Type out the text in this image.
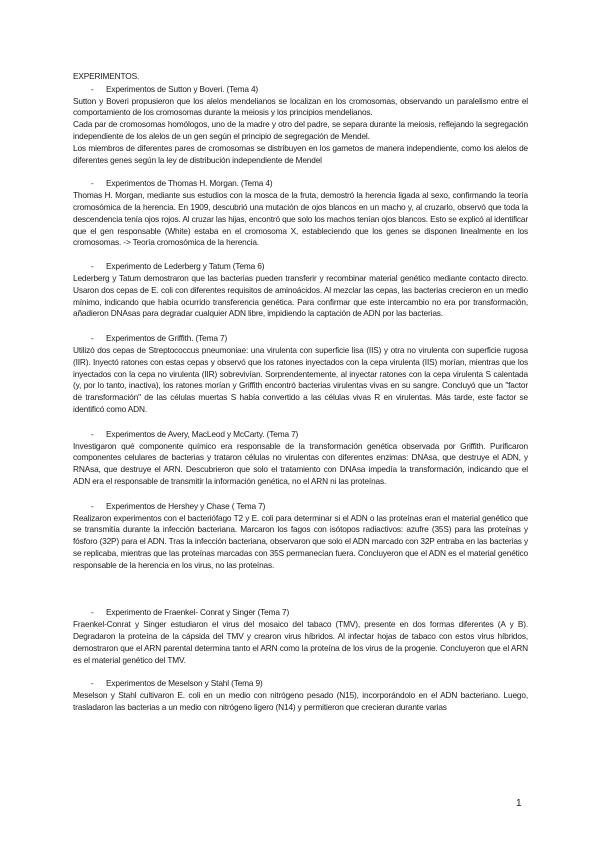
EXPERIMENTOS.

- Experimentos de Sutton y Boveri. (Tema 4)

Sutton y Boveri propusieron que los alelos mendelianos se localizan en los cromosomas, observando un paralelismo entre el comportamiento de los cromosomas durante la meiosis y los principios mendelianos.

Cada par de cromosomas homólogos, uno de la madre y otro del padre, se separa durante la meiosis, reflejando la segregación independiente de los alelos de un gen según el principio de segregación de Mendel.

Los miembros de diferentes pares de cromosomas se distribuyen en los gametos de manera independiente, como los alelos de diferentes genes según la ley de distribución independiente de Mendel

- Experimentos de Thomas H. Morgan. (Tema 4)

Thomas H. Morgan, mediante sus estudios con la mosca de la fruta, demostró la herencia ligada al sexo, confirmando la teoría cromosómica de la herencia. En 1909, descubrió una mutación de ojos blancos en un macho y, al cruzarlo, observó que toda la descendencia tenía ojos rojos. Al cruzar las hijas, encontró que solo los machos tenían ojos blancos. Esto se explicó al identificar que el gen responsable (White) estaba en el cromosoma X, estableciendo que los genes se disponen linealmente en los cromosomas. -> Teoría cromosómica de la herencia.

- Experimento de Lederberg y Tatum (Tema 6)

Lederberg y Tatum demostraron que las bacterias pueden transferir y recombinar material genético mediante contacto directo. Usaron dos cepas de E. coli con diferentes requisitos de aminoácidos. Al mezclar las cepas, las bacterias crecieron en un medio mínimo, indicando que había ocurrido transferencia genética. Para confirmar que este intercambio no era por transformación, añadieron DNAsas para degradar cualquier ADN libre, impidiendo la captación de ADN por las bacterias.

- Experimentos de Griffith. (Tema 7)

Utilizó dos cepas de Streptococcus pneumoniae: una virulenta con superficie lisa (IIS) y otra no virulenta con superficie rugosa (IIR). Inyectó ratones con estas cepas y observó que los ratones inyectados con la cepa virulenta (IIS) morían, mientras que los inyectados con la cepa no virulenta (IIR) sobrevivían. Sorprendentemente, al inyectar ratones con la cepa virulenta S calentada (y, por lo tanto, inactiva), los ratones morían y Griffith encontró bacterias virulentas vivas en su sangre. Concluyó que un "factor de transformación" de las células muertas S había convertido a las células vivas R en virulentas. Más tarde, este factor se identificó como ADN.

- Experimentos de Avery, MacLeod y McCarty. (Tema 7)

Investigaron qué componente químico era responsable de la transformación genética observada por Griffith. Purificaron componentes celulares de bacterias y trataron células no virulentas con diferentes enzimas: DNAsa, que destruye el ADN, y RNAsa, que destruye el ARN. Descubrieron que solo el tratamiento con DNAsa impedía la transformación, indicando que el ADN era el responsable de transmitir la información genética, no el ARN ni las proteínas.

- Experimentos de Hershey y Chase ( Tema 7)

Realizaron experimentos con el bacteriófago T2 y E. coli para determinar si el ADN o las proteínas eran el material genético que se transmitía durante la infección bacteriana. Marcaron los fagos con isótopos radiactivos: azufre (35S) para las proteínas y fósforo (32P) para el ADN. Tras la infección bacteriana, observaron que solo el ADN marcado con 32P entraba en las bacterias y se replicaba, mientras que las proteínas marcadas con 35S permanecían fuera. Concluyeron que el ADN es el material genético responsable de la herencia en los virus, no las proteínas.

- Experimento de Fraenkel- Conrat y Singer (Tema 7)

Fraenkel-Conrat y Singer estudiaron el virus del mosaico del tabaco (TMV), presente en dos formas diferentes (A y B). Degradaron la proteína de la cápsida del TMV y crearon virus híbridos. Al infectar hojas de tabaco con estos virus híbridos, demostraron que el ARN parental determina tanto el ARN como la proteína de los virus de la progenie. Concluyeron que el ARN es el material genético del TMV.

- Experimentos de Meselson y Stahl (Tema 9)

Meselson y Stahl cultivaron E. coli en un medio con nitrógeno pesado (N15), incorporándolo en el ADN bacteriano. Luego, trasladaron las bacterias a un medio con nitrógeno ligero (N14) y permitieron que crecieran durante varias

1
